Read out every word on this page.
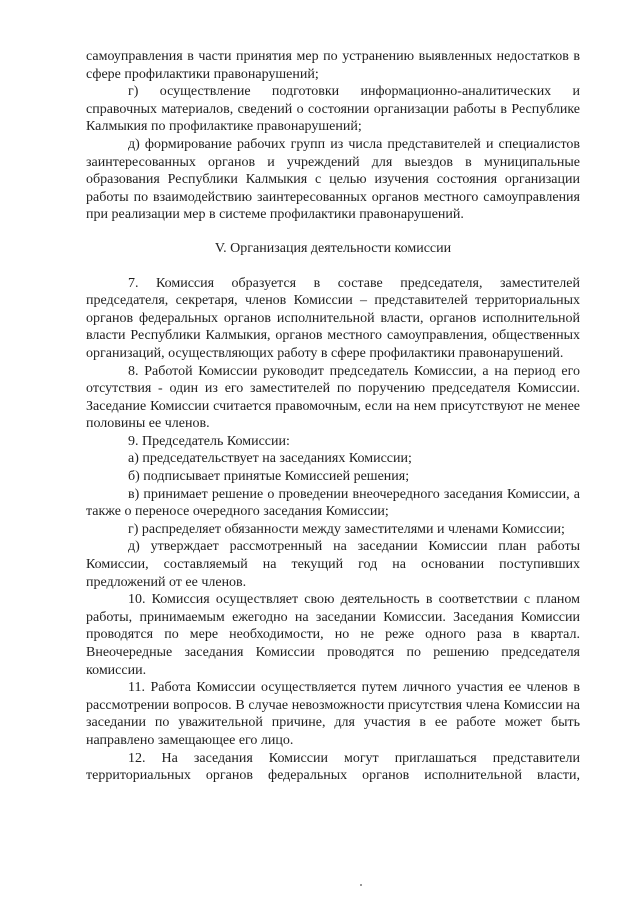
самоуправления в части принятия мер по устранению выявленных недостатков в сфере профилактики правонарушений;

г) осуществление подготовки информационно-аналитических и справочных материалов, сведений о состоянии организации работы в Республике Калмыкия по профилактике правонарушений;

д) формирование рабочих групп из числа представителей и специалистов заинтересованных органов и учреждений для выездов в муниципальные образования Республики Калмыкия с целью изучения состояния организации работы по взаимодействию заинтересованных органов местного самоуправления при реализации мер в системе профилактики правонарушений.

V. Организация деятельности комиссии

7. Комиссия образуется в составе председателя, заместителей председателя, секретаря, членов Комиссии – представителей территориальных органов федеральных органов исполнительной власти, органов исполнительной власти Республики Калмыкия, органов местного самоуправления, общественных организаций, осуществляющих работу в сфере профилактики правонарушений.

8. Работой Комиссии руководит председатель Комиссии, а на период его отсутствия - один из его заместителей по поручению председателя Комиссии. Заседание Комиссии считается правомочным, если на нем присутствуют не менее половины ее членов.

9. Председатель Комиссии:

а) председательствует на заседаниях Комиссии;

б) подписывает принятые Комиссией решения;

в) принимает решение о проведении внеочередного заседания Комиссии, а также о переносе очередного заседания Комиссии;

г) распределяет обязанности между заместителями и членами Комиссии;

д) утверждает рассмотренный на заседании Комиссии план работы Комиссии, составляемый на текущий год на основании поступивших предложений от ее членов.

10. Комиссия осуществляет свою деятельность в соответствии с планом работы, принимаемым ежегодно на заседании Комиссии. Заседания Комиссии проводятся по мере необходимости, но не реже одного раза в квартал. Внеочередные заседания Комиссии проводятся по решению председателя комиссии.

11. Работа Комиссии осуществляется путем личного участия ее членов в рассмотрении вопросов. В случае невозможности присутствия члена Комиссии на заседании по уважительной причине, для участия в ее работе может быть направлено замещающее его лицо.

12. На заседания Комиссии могут приглашаться представители территориальных органов федеральных органов исполнительной власти,
